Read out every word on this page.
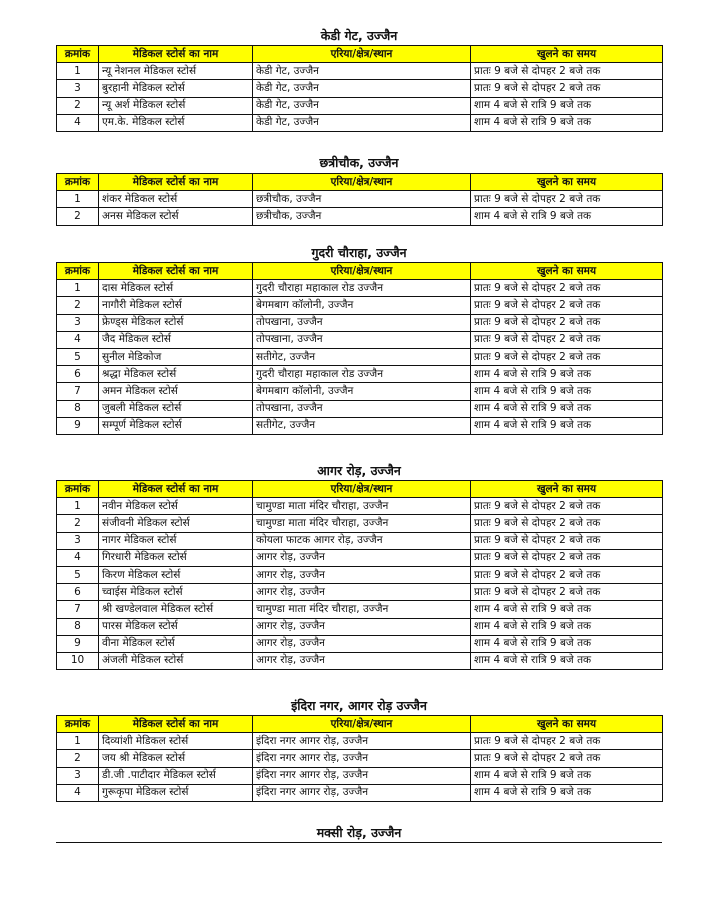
केडी गेट, उज्जैन
क्रमांक	मेडिकल स्टोर्स का नाम	एरिया/क्षेत्र/स्थान	खुलने का समय
1	न्यू नेशनल मेडिकल स्टोर्स	केडी गेट, उज्जैन	प्रातः 9 बजे से दोपहर 2 बजे तक
3	बुरहानी मेडिकल स्टोर्स	केडी गेट, उज्जैन	प्रातः 9 बजे से दोपहर 2 बजे तक
2	न्यू अर्श मेडिकल स्टोर्स	केडी गेट, उज्जैन	शाम 4 बजे से रात्रि 9 बजे तक
4	एम.के. मेडिकल स्टोर्स	केडी गेट, उज्जैन	शाम 4 बजे से रात्रि 9 बजे तक
छत्रीचौक, उज्जैन
क्रमांक	मेडिकल स्टोर्स का नाम	एरिया/क्षेत्र/स्थान	खुलने का समय
1	शंकर मेडिकल स्टोर्स	छत्रीचौक, उज्जैन	प्रातः 9 बजे से दोपहर 2 बजे तक
2	अनस मेडिकल स्टोर्स	छत्रीचौक, उज्जैन	शाम 4 बजे से रात्रि 9 बजे तक
गुदरी चौराहा, उज्जैन
क्रमांक	मेडिकल स्टोर्स का नाम	एरिया/क्षेत्र/स्थान	खुलने का समय
1	दास मेडिकल स्टोर्स	गुदरी चौराहा महाकाल रोड उज्जैन	प्रातः 9 बजे से दोपहर 2 बजे तक
2	नागौरी मेडिकल स्टोर्स	बेगमबाग कॉलोनी, उज्जैन	प्रातः 9 बजे से दोपहर 2 बजे तक
3	फ्रेण्ड्स मेडिकल स्टोर्स	तोपखाना, उज्जैन	प्रातः 9 बजे से दोपहर 2 बजे तक
4	जैद मेडिकल स्टोर्स	तोपखाना, उज्जैन	प्रातः 9 बजे से दोपहर 2 बजे तक
5	सुनील मेडिकोज	सतीगेट, उज्जैन	प्रातः 9 बजे से दोपहर 2 बजे तक
6	श्रद्धा मेडिकल स्टोर्स	गुदरी चौराहा महाकाल रोड उज्जैन	शाम 4 बजे से रात्रि 9 बजे तक
7	अमन मेडिकल स्टोर्स	बेगमबाग कॉलोनी, उज्जैन	शाम 4 बजे से रात्रि 9 बजे तक
8	जुबली मेडिकल स्टोर्स	तोपखाना, उज्जैन	शाम 4 बजे से रात्रि 9 बजे तक
9	सम्पूर्ण मेडिकल स्टोर्स	सतीगेट, उज्जैन	शाम 4 बजे से रात्रि 9 बजे तक
आगर रोड़, उज्जैन
क्रमांक	मेडिकल स्टोर्स का नाम	एरिया/क्षेत्र/स्थान	खुलने का समय
1	नवीन मेडिकल स्टोर्स	चामुण्डा माता मंदिर चौराहा, उज्जैन	प्रातः 9 बजे से दोपहर 2 बजे तक
2	संजीवनी मेडिकल स्टोर्स	चामुण्डा माता मंदिर चौराहा, उज्जैन	प्रातः 9 बजे से दोपहर 2 बजे तक
3	नागर मेडिकल स्टोर्स	कोयला फाटक आगर रोड़, उज्जैन	प्रातः 9 बजे से दोपहर 2 बजे तक
4	गिरधारी मेडिकल स्टोर्स	आगर रोड़, उज्जैन	प्रातः 9 बजे से दोपहर 2 बजे तक
5	किरण मेडिकल स्टोर्स	आगर रोड़, उज्जैन	प्रातः 9 बजे से दोपहर 2 बजे तक
6	च्वाईस मेडिकल स्टोर्स	आगर रोड़, उज्जैन	प्रातः 9 बजे से दोपहर 2 बजे तक
7	श्री खण्डेलवाल मेडिकल स्टोर्स	चामुण्डा माता मंदिर चौराहा, उज्जैन	शाम 4 बजे से रात्रि 9 बजे तक
8	पारस मेडिकल स्टोर्स	आगर रोड़, उज्जैन	शाम 4 बजे से रात्रि 9 बजे तक
9	वीना मेडिकल स्टोर्स	आगर रोड़, उज्जैन	शाम 4 बजे से रात्रि 9 बजे तक
10	अंजली मेडिकल स्टोर्स	आगर रोड़, उज्जैन	शाम 4 बजे से रात्रि 9 बजे तक
इंदिरा नगर, आगर रोड़ उज्जैन
क्रमांक	मेडिकल स्टोर्स का नाम	एरिया/क्षेत्र/स्थान	खुलने का समय
1	दिव्यांशी मेडिकल स्टोर्स	इंदिरा नगर आगर रोड़, उज्जैन	प्रातः 9 बजे से दोपहर 2 बजे तक
2	जय श्री मेडिकल स्टोर्स	इंदिरा नगर आगर रोड़, उज्जैन	प्रातः 9 बजे से दोपहर 2 बजे तक
3	डी.जी .पाटीदार मेडिकल स्टोर्स	इंदिरा नगर आगर रोड़, उज्जैन	शाम 4 बजे से रात्रि 9 बजे तक
4	गुरूकृपा मेडिकल स्टोर्स	इंदिरा नगर आगर रोड़, उज्जैन	शाम 4 बजे से रात्रि 9 बजे तक
मक्सी रोड़, उज्जैन
